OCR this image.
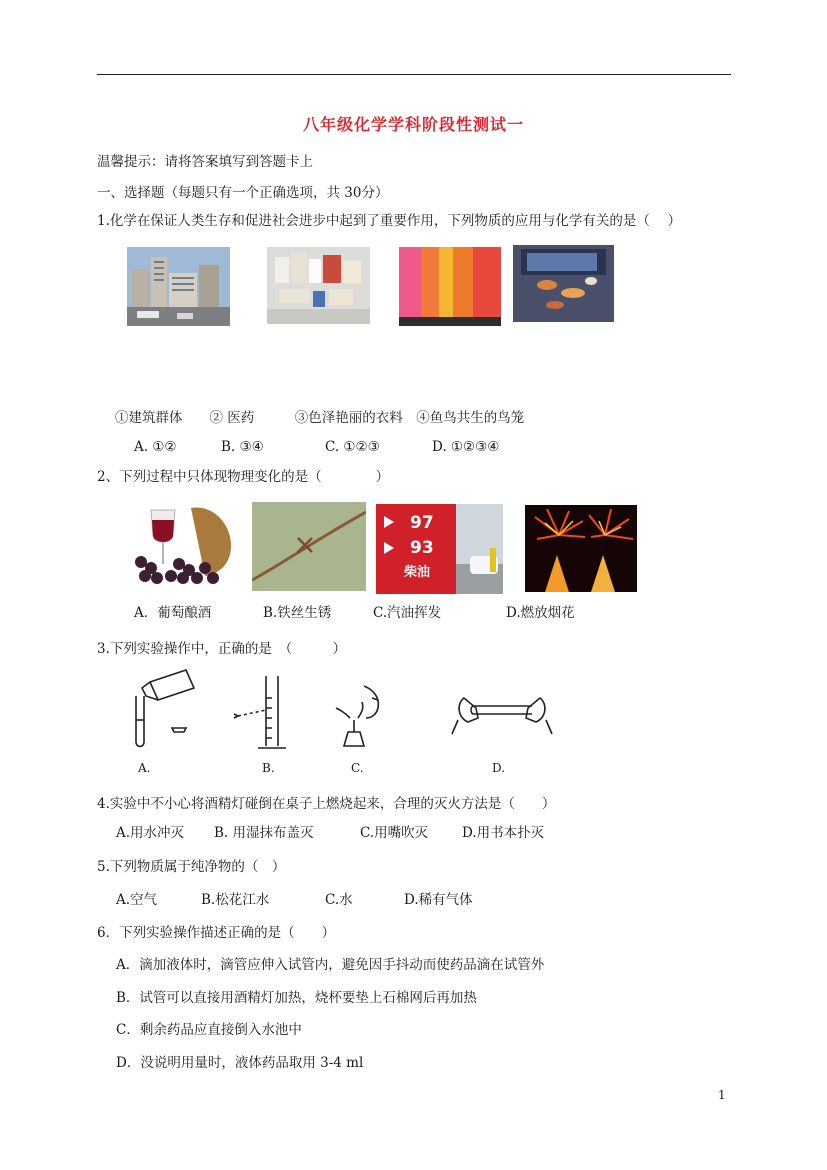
八年级化学学科阶段性测试一
温馨提示：请将答案填写到答题卡上
一、选择题（每题只有一个正确选项，共 30分）
1.化学在保证人类生存和促进社会进步中起到了重要作用，下列物质的应用与化学有关的是（　 ）
①建筑群体　　② 医药　　　③色泽艳丽的衣料　④鱼鸟共生的鸟笼
A. ①②	B. ③④	C. ①②③	D. ①②③④
2、下列过程中只体现物理变化的是（　　　　）
97
93
柴油
A．葡萄酿酒	B.铁丝生锈	C.汽油挥发	D.燃放烟花
3.下列实验操作中，正确的是　（　　　）
A.	B.	C.	D.
4.实验中不小心将酒精灯碰倒在桌子上燃烧起来，合理的灭火方法是（　　）
A.用水冲灭 B. 用湿抹布盖灭	C.用嘴吹灭	D.用书本扑灭
5.下列物质属于纯净物的（　）
A.空气	B.松花江水	C.水	D.稀有气体
6．下列实验操作描述正确的是（　　）
A．滴加液体时，滴管应伸入试管内，避免因手抖动而使药品滴在试管外
B．试管可以直接用酒精灯加热，烧杯要垫上石棉网后再加热
C．剩余药品应直接倒入水池中
D．没说明用量时，液体药品取用 3-4 ml
1
